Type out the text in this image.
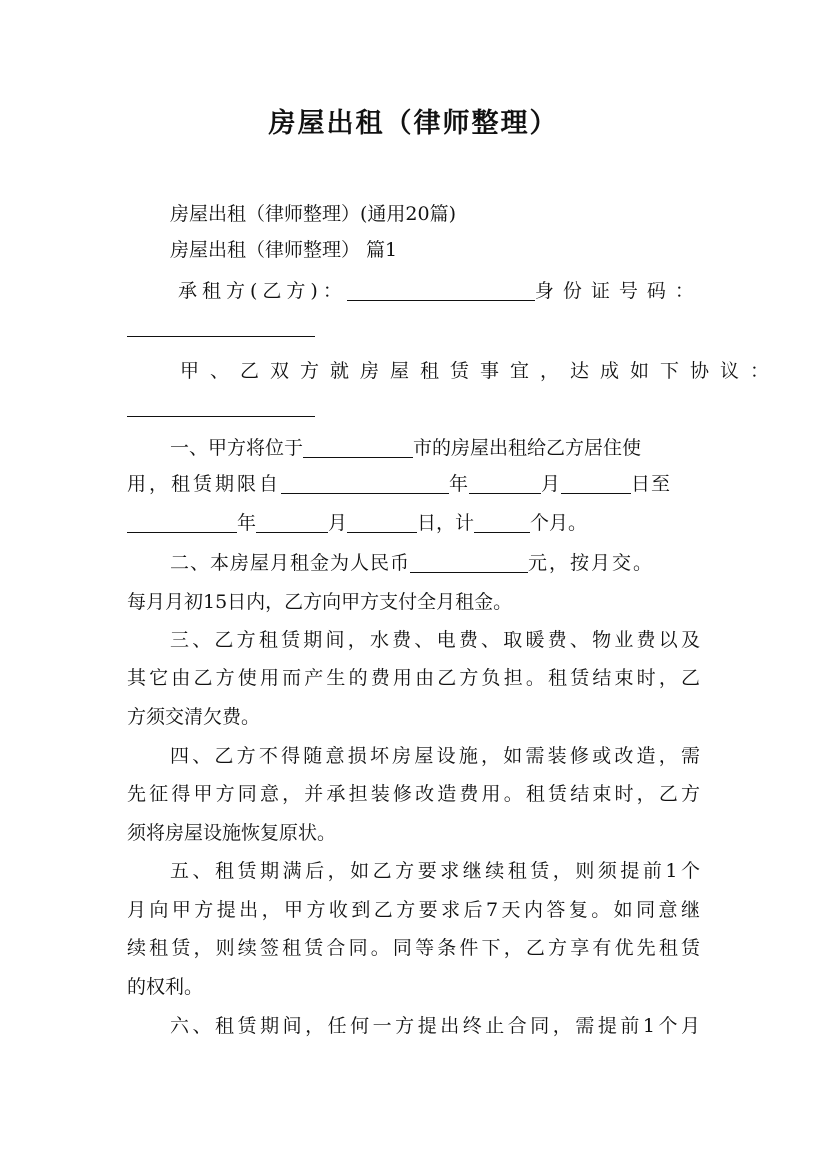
房屋出租（律师整理）
房屋出租（律师整理）(通用20篇)
房屋出租（律师整理） 篇1
承租方(乙方)：	身份证号码：
甲、乙双方就房屋租赁事宜，达成如下协议：
一、甲方将位于	市的房屋出租给乙方居住使
用，租赁期限自	年	月	日至
年	月	日，计	个月。
二、本房屋月租金为人民币	元，按月交。
每月月初15日内，乙方向甲方支付全月租金。
三、乙方租赁期间，水费、电费、取暖费、物业费以及
其它由乙方使用而产生的费用由乙方负担。租赁结束时，乙
方须交清欠费。
四、乙方不得随意损坏房屋设施，如需装修或改造，需
先征得甲方同意，并承担装修改造费用。租赁结束时，乙方
须将房屋设施恢复原状。
五、租赁期满后，如乙方要求继续租赁，则须提前1个
月向甲方提出，甲方收到乙方要求后7天内答复。如同意继
续租赁，则续签租赁合同。同等条件下，乙方享有优先租赁
的权利。
六、租赁期间，任何一方提出终止合同，需提前1个月
